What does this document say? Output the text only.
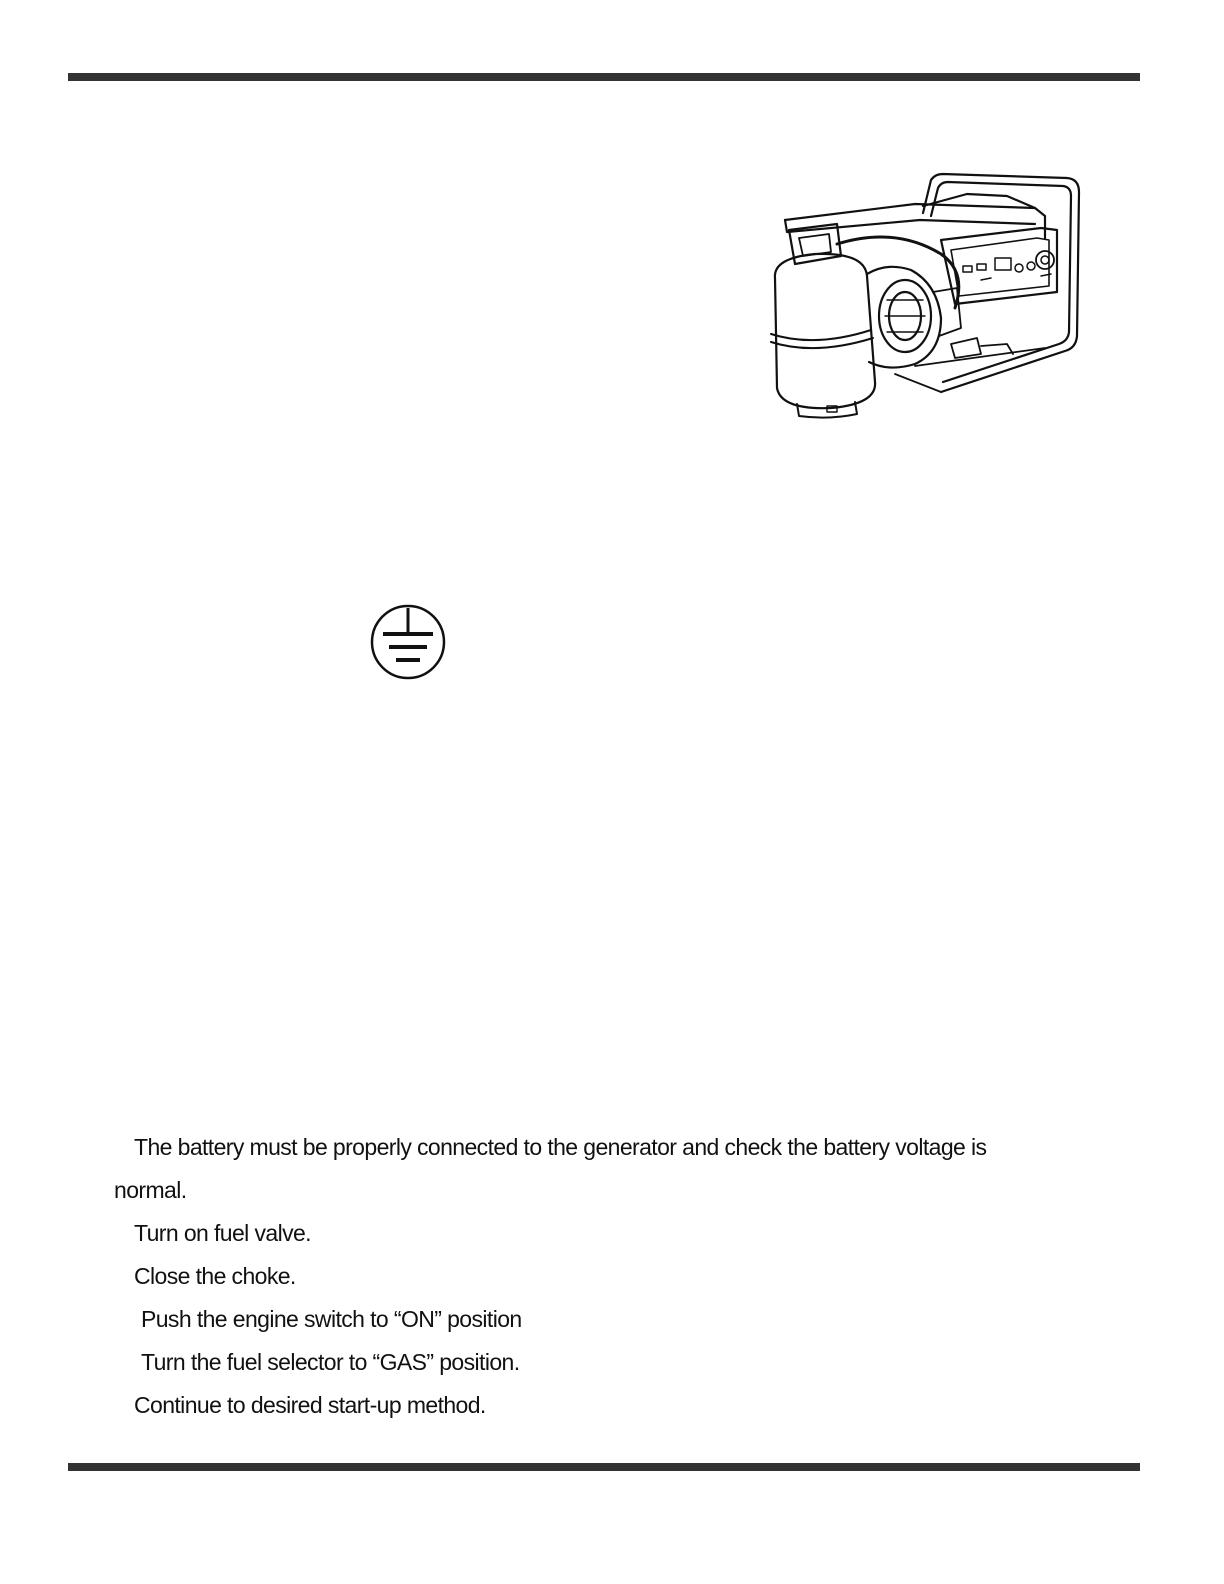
The battery must be properly connected to the generator and check the battery voltage is
normal.
Turn on fuel valve.
Close the choke.
Push the engine switch to “ON” position
Turn the fuel selector to “GAS” position.
Continue to desired start-up method.
